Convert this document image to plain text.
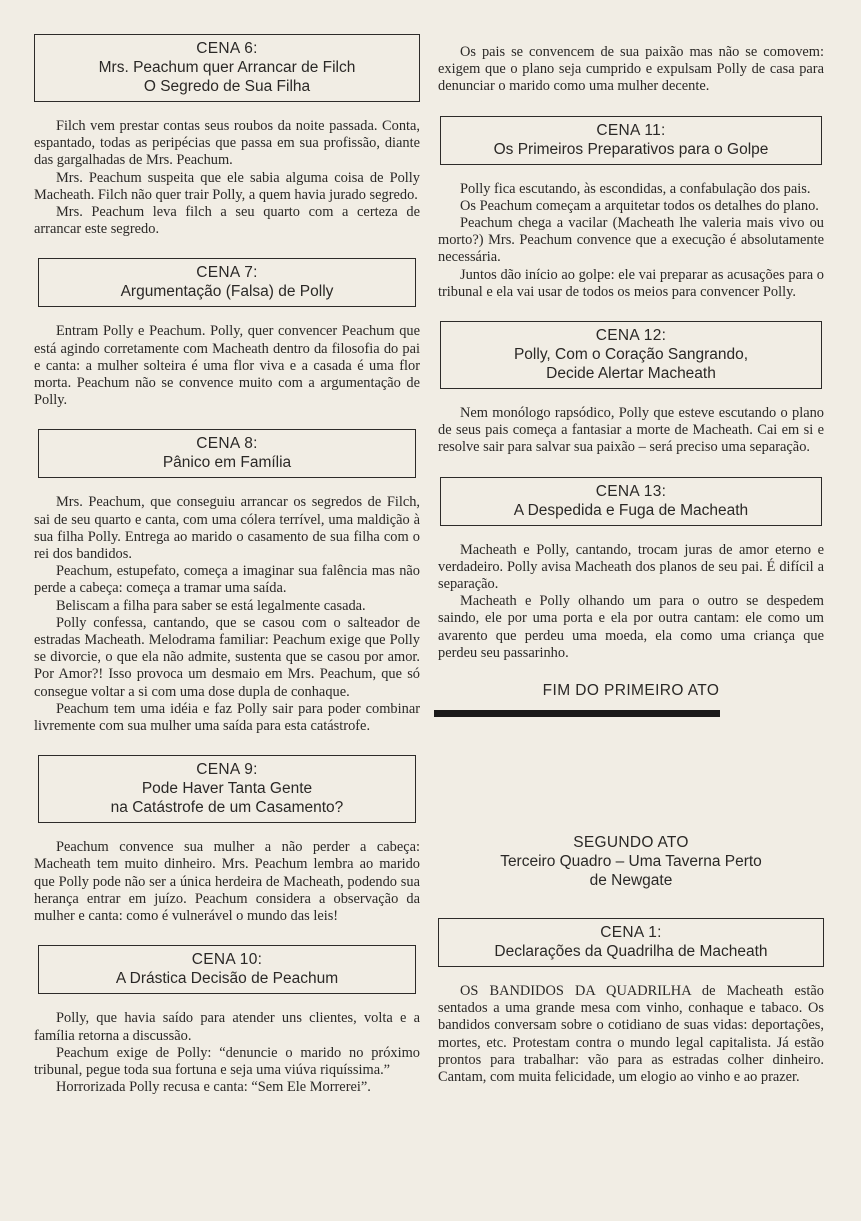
CENA 6:
Mrs. Peachum quer Arrancar de Filch
O Segredo de Sua Filha

Filch vem prestar contas seus roubos da noite passada. Conta, espantado, todas as peripécias que passa em sua profissão, diante das gargalhadas de Mrs. Peachum.

Mrs. Peachum suspeita que ele sabia alguma coisa de Polly Macheath. Filch não quer trair Polly, a quem havia jurado segredo.

Mrs. Peachum leva filch a seu quarto com a certeza de arrancar este segredo.

CENA 7:
Argumentação (Falsa) de Polly

Entram Polly e Peachum. Polly, quer convencer Peachum que está agindo corretamente com Macheath dentro da filosofia do pai e canta: a mulher solteira é uma flor viva e a casada é uma flor morta. Peachum não se convence muito com a argumentação de Polly.

CENA 8:
Pânico em Família

Mrs. Peachum, que conseguiu arrancar os segredos de Filch, sai de seu quarto e canta, com uma cólera terrível, uma maldição à sua filha Polly. Entrega ao marido o casamento de sua filha com o rei dos bandidos.

Peachum, estupefato, começa a imaginar sua falência mas não perde a cabeça: começa a tramar uma saída.

Beliscam a filha para saber se está legalmente casada.

Polly confessa, cantando, que se casou com o salteador de estradas Macheath. Melodrama familiar: Peachum exige que Polly se divorcie, o que ela não admite, sustenta que se casou por amor. Por Amor?! Isso provoca um desmaio em Mrs. Peachum, que só consegue voltar a si com uma dose dupla de conhaque.

Peachum tem uma idéia e faz Polly sair para poder combinar livremente com sua mulher uma saída para esta catástrofe.

CENA 9:
Pode Haver Tanta Gente
na Catástrofe de um Casamento?

Peachum convence sua mulher a não perder a cabeça: Macheath tem muito dinheiro. Mrs. Peachum lembra ao marido que Polly pode não ser a única herdeira de Macheath, podendo sua herança entrar em juízo. Peachum considera a observação da mulher e canta: como é vulnerável o mundo das leis!

CENA 10:
A Drástica Decisão de Peachum

Polly, que havia saído para atender uns clientes, volta e a família retorna a discussão.

Peachum exige de Polly: “denuncie o marido no próximo tribunal, pegue toda sua fortuna e seja uma viúva riquíssima.”

Horrorizada Polly recusa e canta: “Sem Ele Morrerei”.

Os pais se convencem de sua paixão mas não se comovem: exigem que o plano seja cumprido e expulsam Polly de casa para denunciar o marido como uma mulher decente.

CENA 11:
Os Primeiros Preparativos para o Golpe

Polly fica escutando, às escondidas, a confabulação dos pais.

Os Peachum começam a arquitetar todos os detalhes do plano.

Peachum chega a vacilar (Macheath lhe valeria mais vivo ou morto?) Mrs. Peachum convence que a execução é absolutamente necessária.

Juntos dão início ao golpe: ele vai preparar as acusações para o tribunal e ela vai usar de todos os meios para convencer Polly.

CENA 12:
Polly, Com o Coração Sangrando,
Decide Alertar Macheath

Nem monólogo rapsódico, Polly que esteve escutando o plano de seus pais começa a fantasiar a morte de Macheath. Cai em si e resolve sair para salvar sua paixão – será preciso uma separação.

CENA 13:
A Despedida e Fuga de Macheath

Macheath e Polly, cantando, trocam juras de amor eterno e verdadeiro. Polly avisa Macheath dos planos de seu pai. É difícil a separação.

Macheath e Polly olhando um para o outro se despedem saindo, ele por uma porta e ela por outra cantam: ele como um avarento que perdeu uma moeda, ela como uma criança que perdeu seu passarinho.

FIM DO PRIMEIRO ATO
SEGUNDO ATO
Terceiro Quadro – Uma Taverna Perto
de Newgate
CENA 1:
Declarações da Quadrilha de Macheath

OS BANDIDOS DA QUADRILHA de Macheath estão sentados a uma grande mesa com vinho, conhaque e tabaco. Os bandidos conversam sobre o cotidiano de suas vidas: deportações, mortes, etc. Protestam contra o mundo legal capitalista. Já estão prontos para trabalhar: vão para as estradas colher dinheiro. Cantam, com muita felicidade, um elogio ao vinho e ao prazer.
